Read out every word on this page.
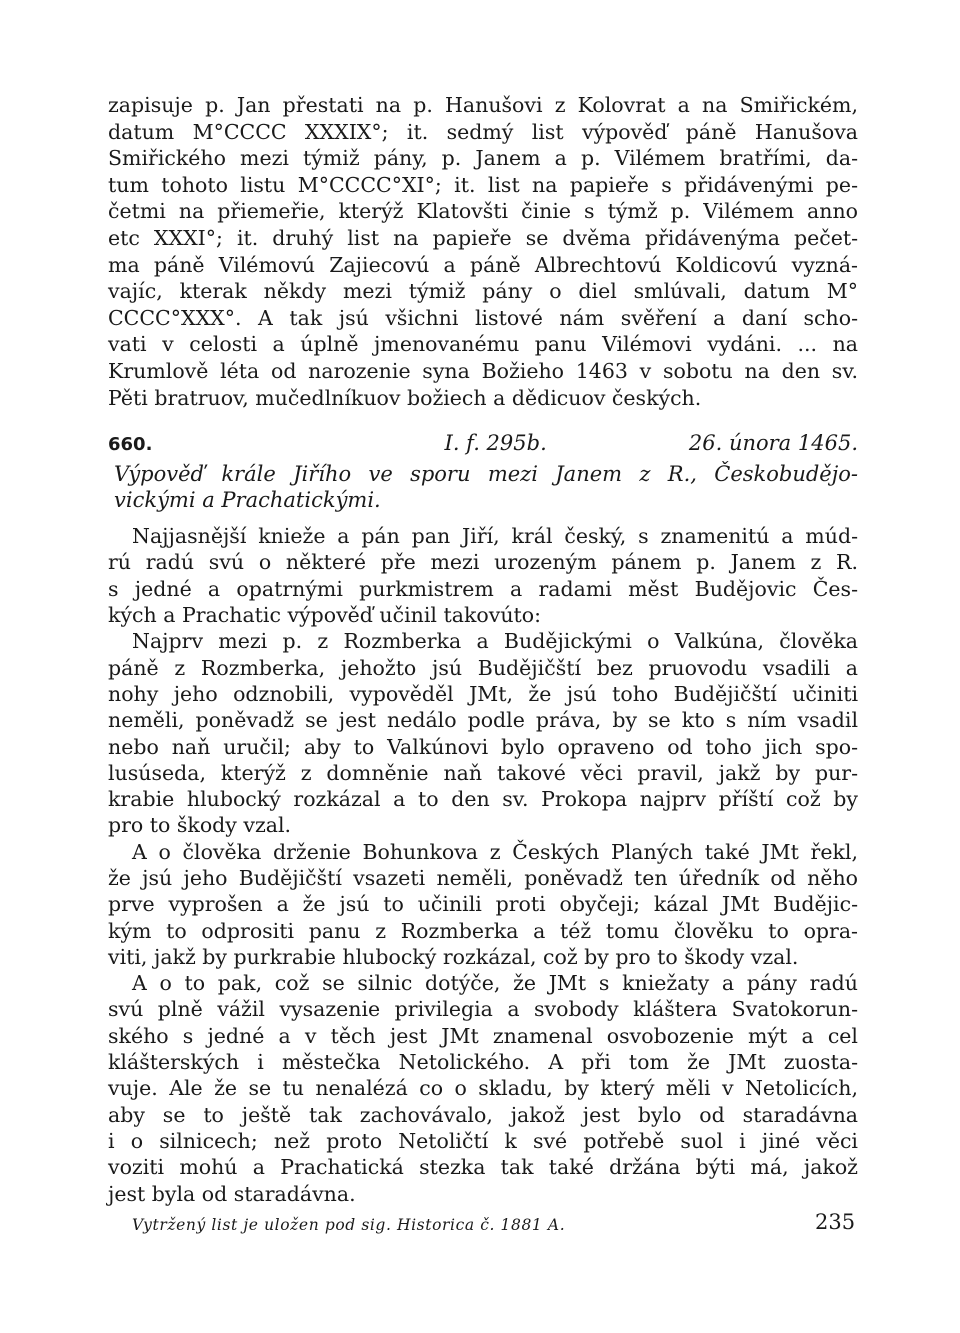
zapisuje p. Jan přestati na p. Hanušovi z Kolovrat a na Smiřickém,
datum M°CCCC XXXIX°; it. sedmý list výpověď páně Hanušova
Smiřického mezi týmiž pány, p. Janem a p. Vilémem bratřími, da-
tum tohoto listu M°CCCC°XI°; it. list na papieře s přidávenými pe-
četmi na přiemeřie, kterýž Klatovšti činie s týmž p. Vilémem anno
etc XXXI°; it. druhý list na papieře se dvěma přidávenýma pečet-
ma páně Vilémovú Zajiecovú a páně Albrechtovú Koldicovú vyzná-
vajíc, kterak někdy mezi týmiž pány o diel smlúvali, datum M°
CCCC°XXX°. A tak jsú všichni listové nám svěření a daní scho-
vati v celosti a úplně jmenovanému panu Vilémovi vydáni. ... na
Krumlově léta od narozenie syna Božieho 1463 v sobotu na den sv.
Pěti bratruov, mučedlníkuov božiech a dědicuov českých.
660.	I. f. 295b.	26. února 1465.
Výpověď krále Jiřího ve sporu mezi Janem z R., Českobudějo-
vickými a Prachatickými.
Najjasnější knieže a pán pan Jiří, král český, s znamenitú a múd-
rú radú svú o některé pře mezi urozeným pánem p. Janem z R.
s jedné a opatrnými purkmistrem a radami měst Budějovic Čes-
kých a Prachatic výpověď učinil takovúto:
Najprv mezi p. z Rozmberka a Budějickými o Valkúna, člověka
páně z Rozmberka, jehožto jsú Budějičští bez pruovodu vsadili a
nohy jeho odznobili, vypověděl JMt, že jsú toho Budějičští učiniti
neměli, poněvadž se jest nedálo podle práva, by se kto s ním vsadil
nebo naň uručil; aby to Valkúnovi bylo opraveno od toho jich spo-
lusúseda, kterýž z domněnie naň takové věci pravil, jakž by pur-
krabie hlubocký rozkázal a to den sv. Prokopa najprv příští což by
pro to škody vzal.
A o člověka drženie Bohunkova z Českých Planých také JMt řekl,
že jsú jeho Budějičští vsazeti neměli, poněvadž ten úředník od něho
prve vyprošen a že jsú to učinili proti obyčeji; kázal JMt Budějic-
kým to odprositi panu z Rozmberka a též tomu člověku to opra-
viti, jakž by purkrabie hlubocký rozkázal, což by pro to škody vzal.
A o to pak, což se silnic dotýče, že JMt s kniežaty a pány radú
svú plně vážil vysazenie privilegia a svobody kláštera Svatokorun-
ského s jedné a v těch jest JMt znamenal osvobozenie mýt a cel
klášterských i městečka Netolického. A při tom že JMt zuosta-
vuje. Ale že se tu nenalézá co o skladu, by který měli v Netolicích,
aby se to ještě tak zachovávalo, jakož jest bylo od staradávna
i o silnicech; než proto Netoličtí k své potřebě suol i jiné věci
voziti mohú a Prachatická stezka tak také držána býti má, jakož
jest byla od staradávna.
Vytržený list je uložen pod sig. Historica č. 1881 A.	235
